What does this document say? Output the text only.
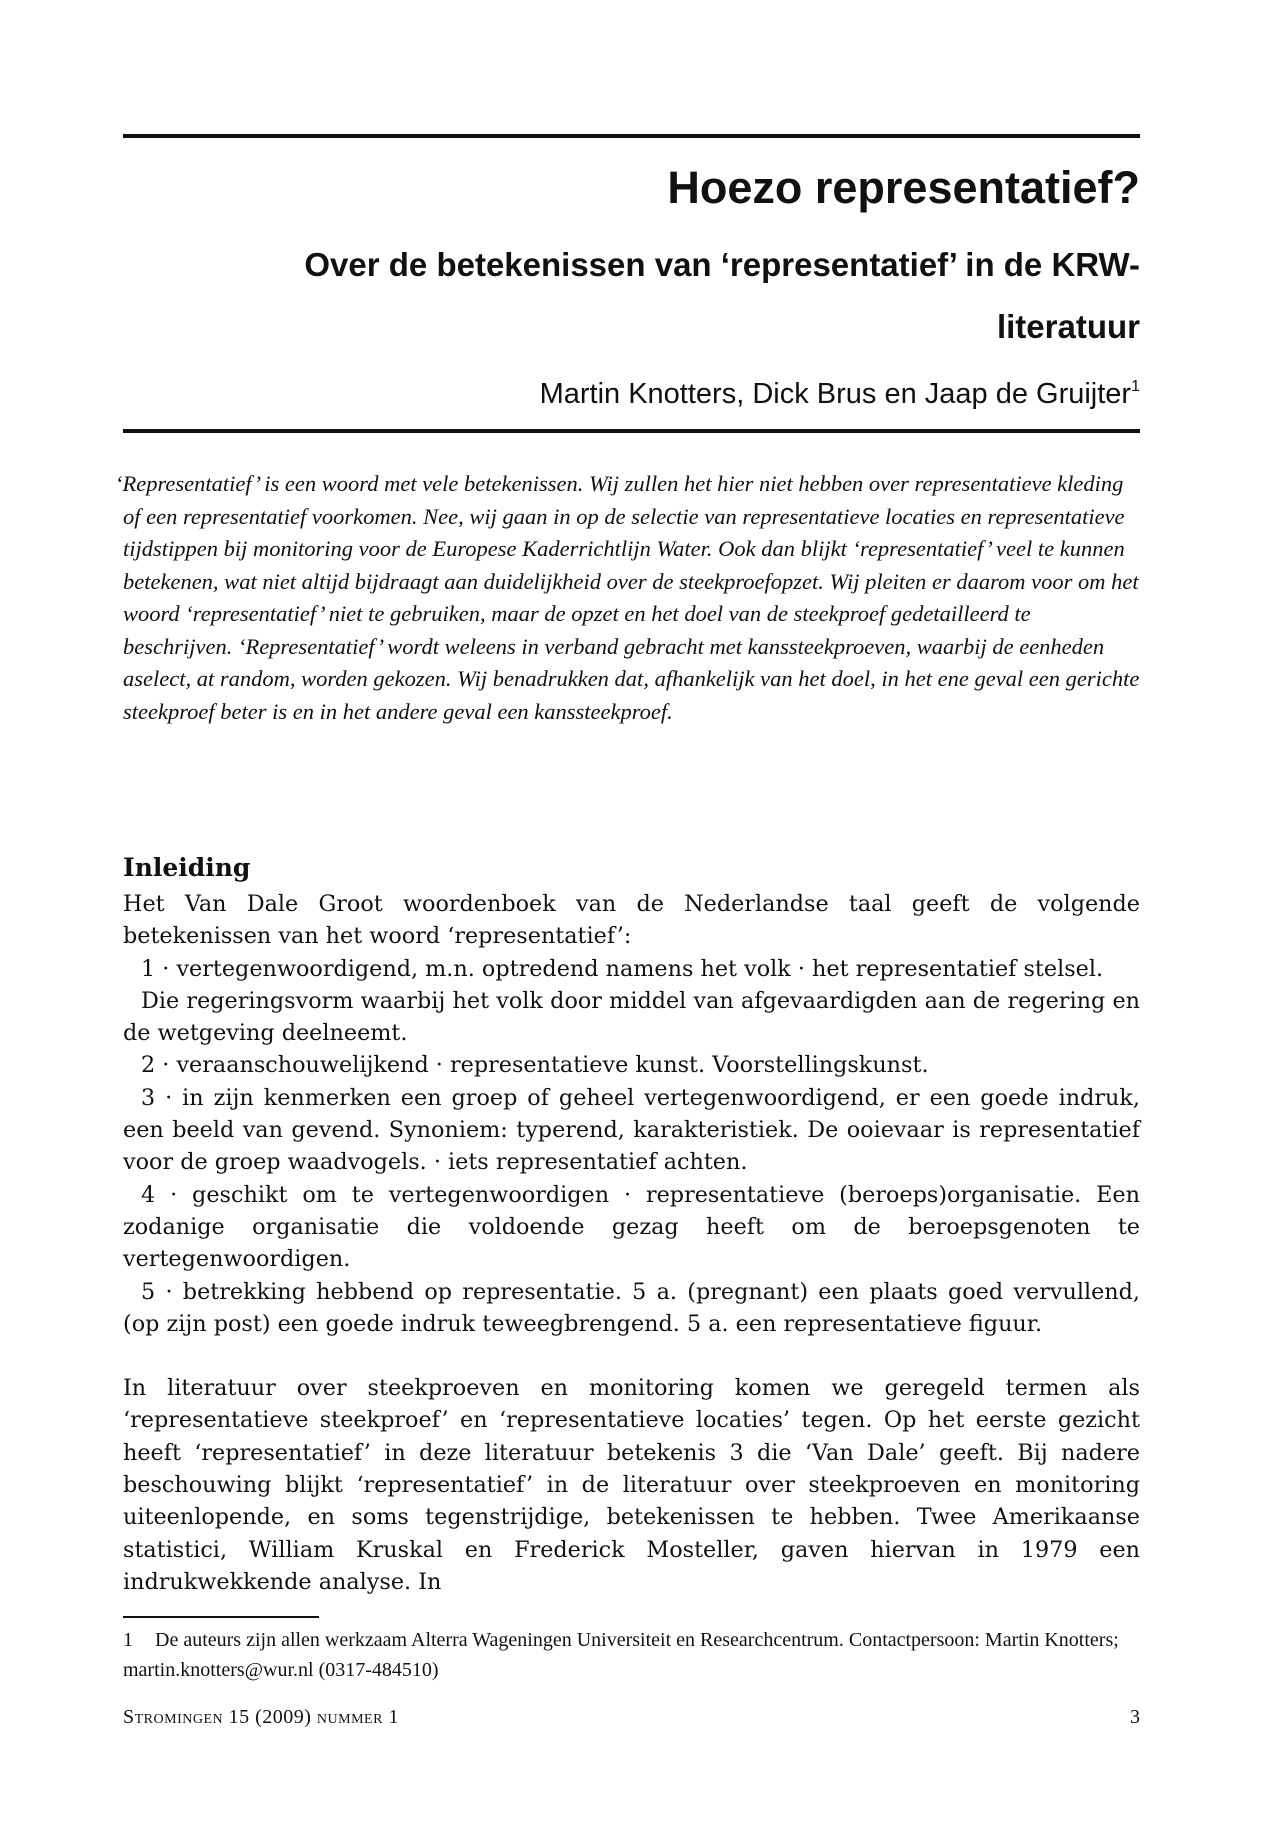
Hoezo representatief?
Over de betekenissen van ‘representatief’ in de KRW-
literatuur
Martin Knotters, Dick Brus en Jaap de Gruijter$^1$

‘Representatief’ is een woord met vele betekenissen. Wij zullen het hier niet hebben over representatieve kleding of een representatief voorkomen. Nee, wij gaan in op de selectie van representatieve locaties en representatieve tijdstippen bij monitoring voor de Europese Kaderrichtlijn Water. Ook dan blijkt ‘representatief’ veel te kunnen betekenen, wat niet altijd bijdraagt aan duidelijkheid over de steekproefopzet. Wij pleiten er daarom voor om het woord ‘representatief’ niet te gebruiken, maar de opzet en het doel van de steekproef gedetailleerd te beschrijven. ‘Representatief’ wordt weleens in verband gebracht met kanssteekproeven, waarbij de eenheden aselect, at random, worden gekozen. Wij benadrukken dat, afhankelijk van het doel, in het ene geval een gerichte steekproef beter is en in het andere geval een kanssteekproef.

Inleiding

Het Van Dale Groot woordenboek van de Nederlandse taal geeft de volgende betekenissen van het woord ‘representatief’:

1 · vertegenwoordigend, m.n. optredend namens het volk · het representatief stelsel.

Die regeringsvorm waarbij het volk door middel van afgevaardigden aan de regering en de wetgeving deelneemt.

2 · veraanschouwelijkend · representatieve kunst. Voorstellingskunst.

3 · in zijn kenmerken een groep of geheel vertegenwoordigend, er een goede indruk, een beeld van gevend. Synoniem: typerend, karakteristiek. De ooievaar is representatief voor de groep waadvogels. · iets representatief achten.

4 · geschikt om te vertegenwoordigen · representatieve (beroeps)organisatie. Een zodanige organisatie die voldoende gezag heeft om de beroepsgenoten te vertegenwoordigen.

5 · betrekking hebbend op representatie. 5 a. (pregnant) een plaats goed vervullend, (op zijn post) een goede indruk teweegbrengend. 5 a. een representatieve figuur.

In literatuur over steekproeven en monitoring komen we geregeld termen als ‘representatieve steekproef’ en ‘representatieve locaties’ tegen. Op het eerste gezicht heeft ‘representatief’ in deze literatuur betekenis 3 die ‘Van Dale’ geeft. Bij nadere beschouwing blijkt ‘representatief’ in de literatuur over steekproeven en monitoring uiteenlopende, en soms tegenstrijdige, betekenissen te hebben. Twee Amerikaanse statistici, William Kruskal en Frederick Mosteller, gaven hiervan in 1979 een indrukwekkende analyse. In

1 De auteurs zijn allen werkzaam Alterra Wageningen Universiteit en Researchcentrum. Contactpersoon: Martin Knotters; martin.knotters@wur.nl (0317-484510)
Stromingen 15 (2009) nummer 1	3
